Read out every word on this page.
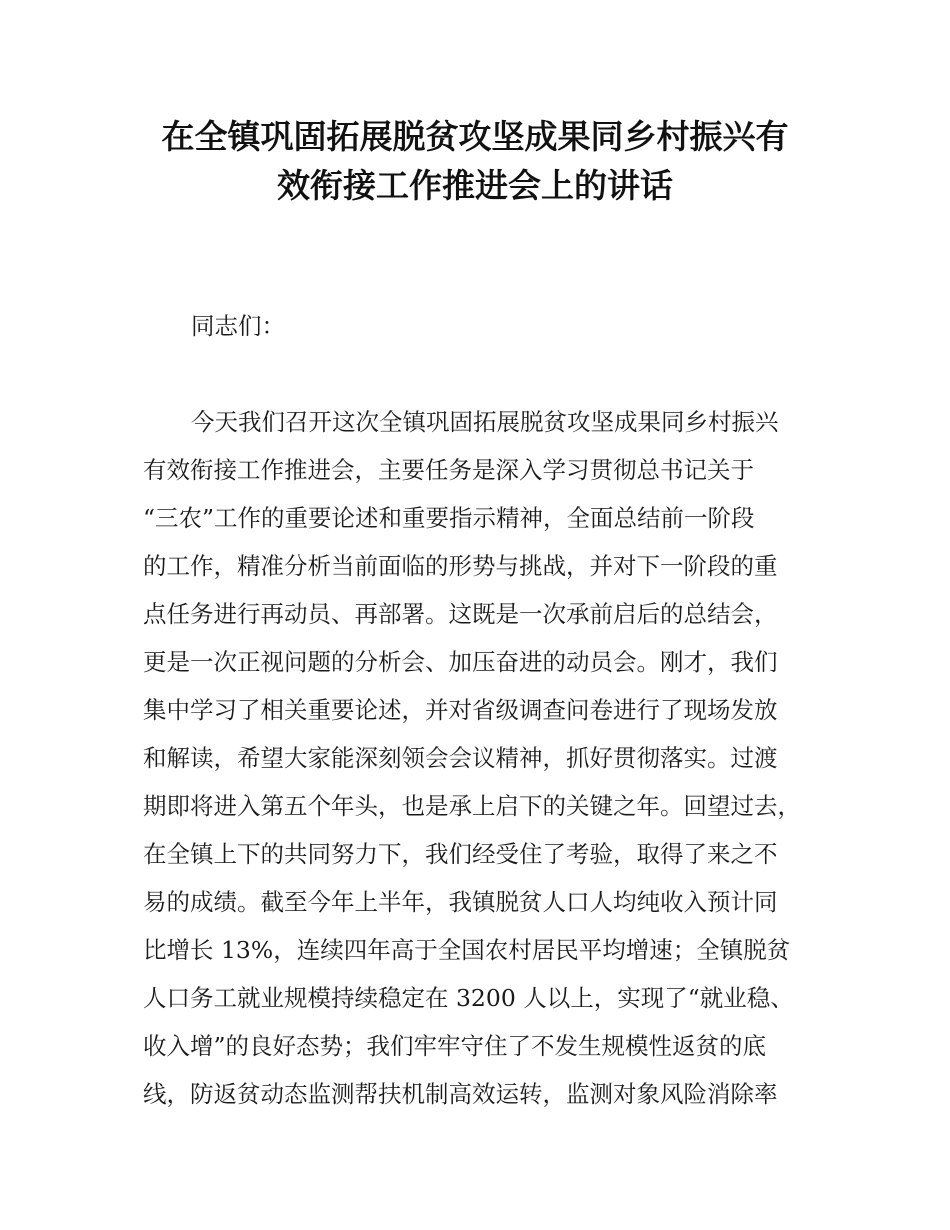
在全镇巩固拓展脱贫攻坚成果同乡村振兴有
效衔接工作推进会上的讲话

同志们：

今天我们召开这次全镇巩固拓展脱贫攻坚成果同乡村振兴
有效衔接工作推进会，主要任务是深入学习贯彻总书记关于
“三农”工作的重要论述和重要指示精神，全面总结前一阶段
的工作，精准分析当前面临的形势与挑战，并对下一阶段的重
点任务进行再动员、再部署。这既是一次承前启后的总结会，
更是一次正视问题的分析会、加压奋进的动员会。刚才，我们
集中学习了相关重要论述，并对省级调查问卷进行了现场发放
和解读，希望大家能深刻领会会议精神，抓好贯彻落实。过渡
期即将进入第五个年头，也是承上启下的关键之年。回望过去，
在全镇上下的共同努力下，我们经受住了考验，取得了来之不
易的成绩。截至今年上半年，我镇脱贫人口人均纯收入预计同
比增长 13%，连续四年高于全国农村居民平均增速；全镇脱贫
人口务工就业规模持续稳定在 3200 人以上，实现了“就业稳、
收入增”的良好态势；我们牢牢守住了不发生规模性返贫的底
线，防返贫动态监测帮扶机制高效运转，监测对象风险消除率
